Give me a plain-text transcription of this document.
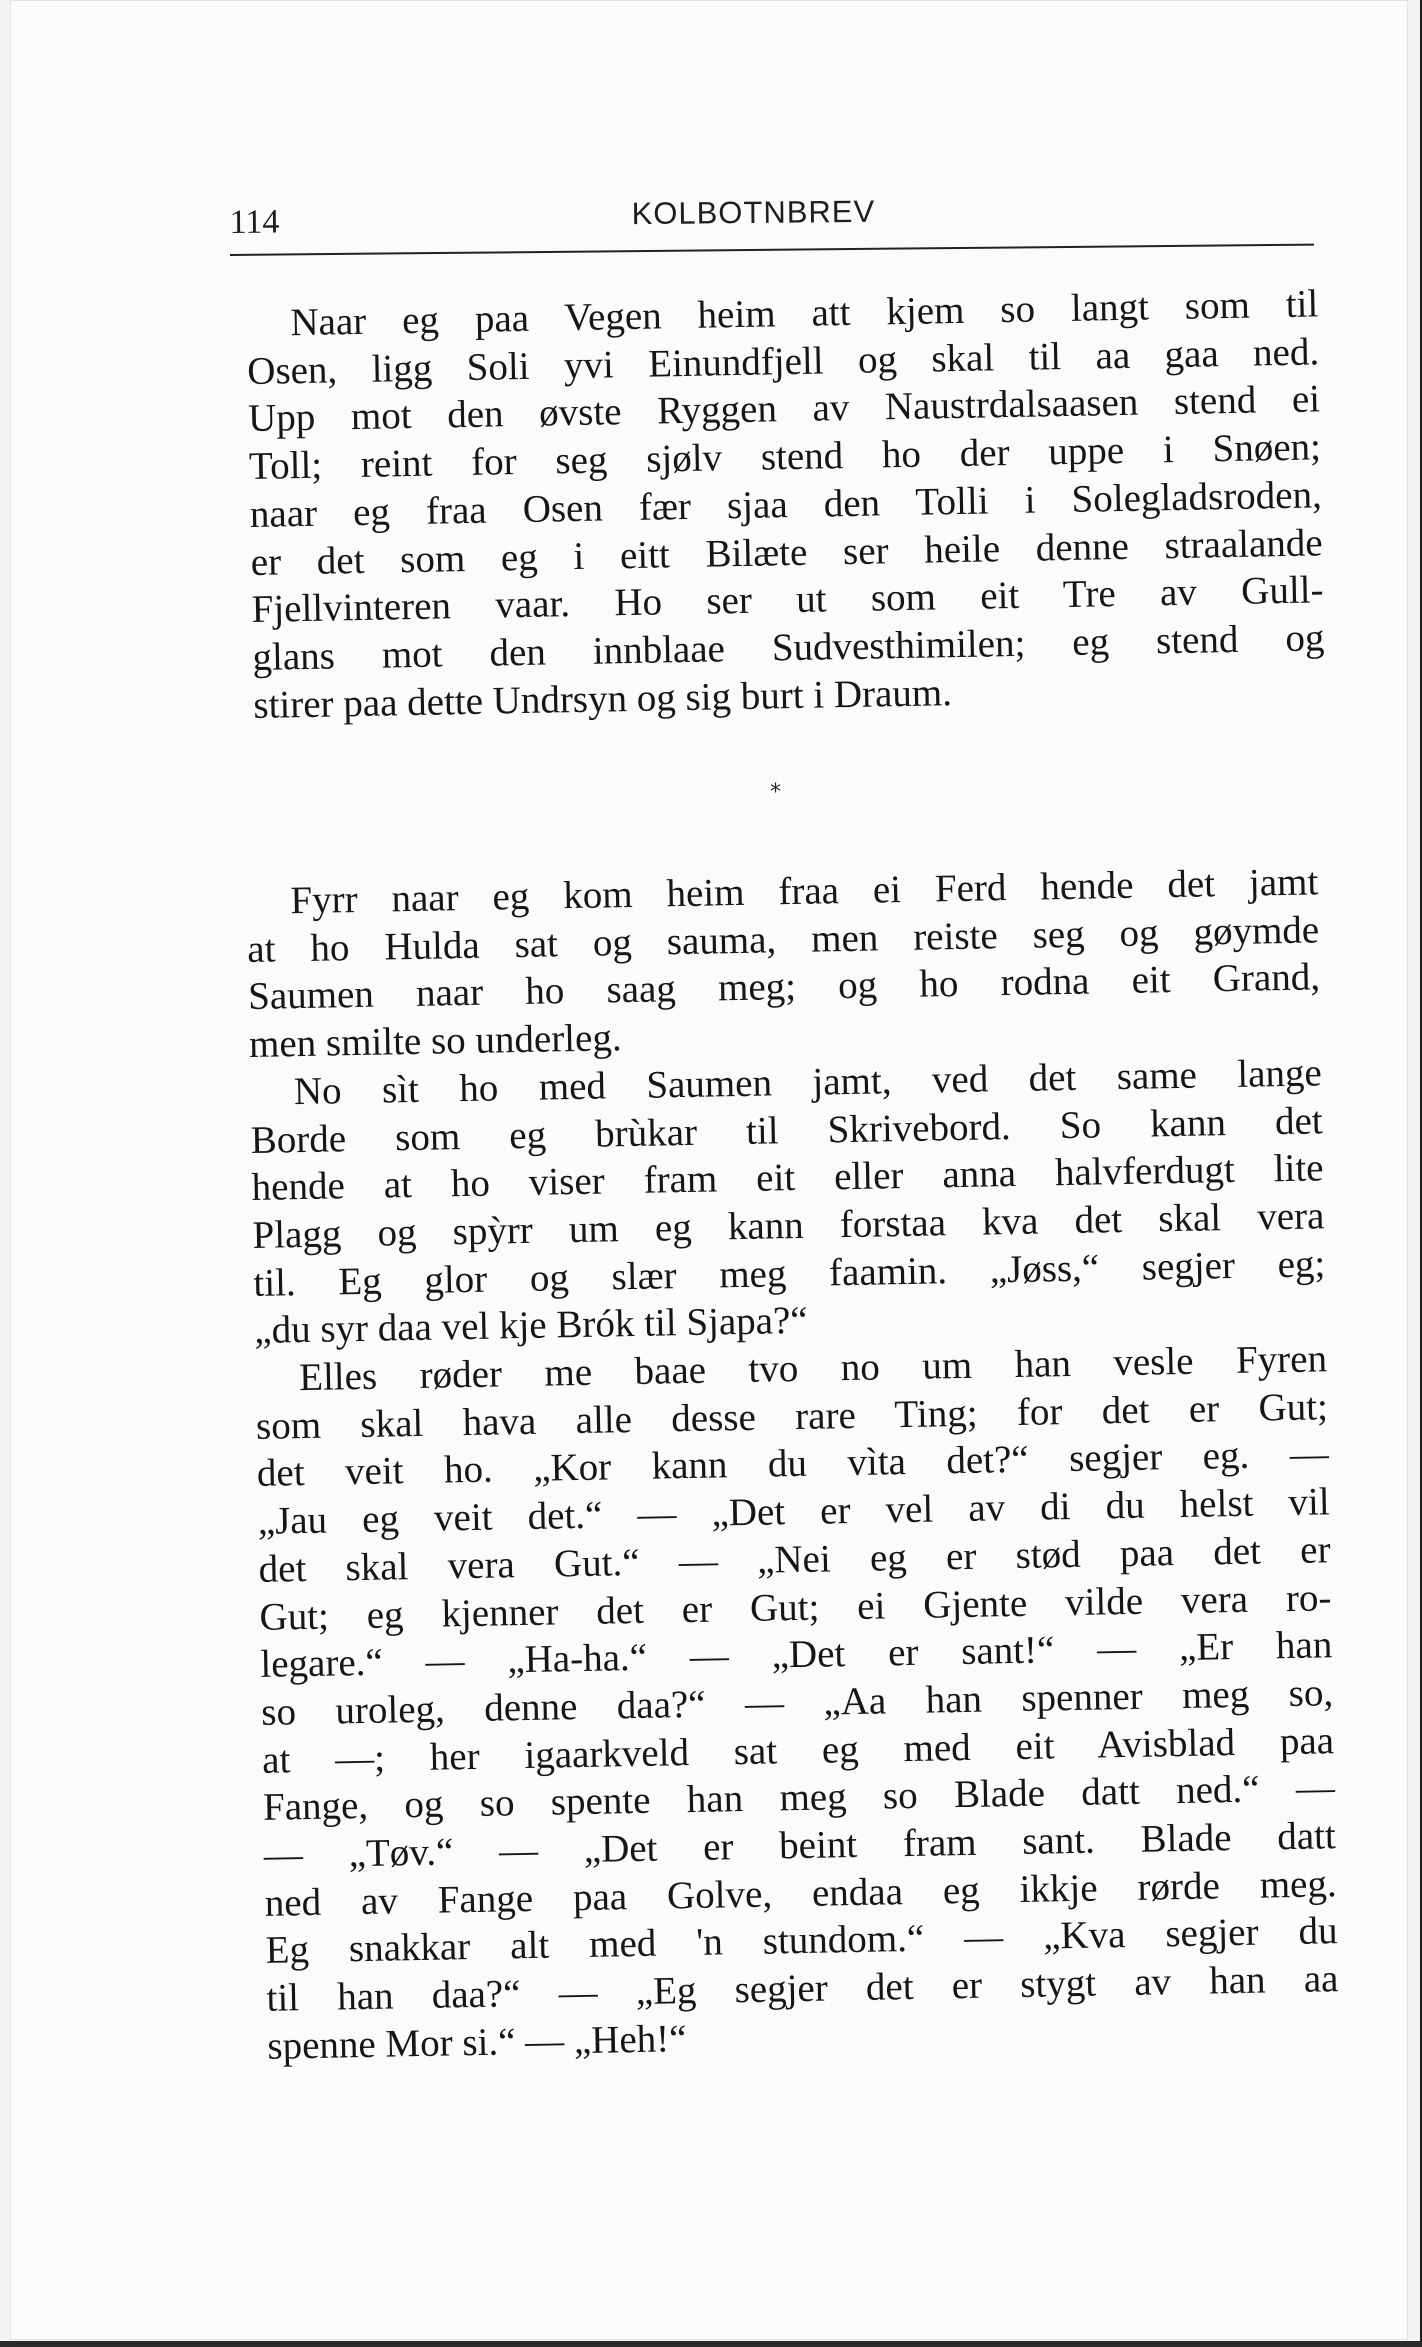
114	KOLBOTNBREV
Naar eg paa Vegen heim att kjem so langt som til
Osen, ligg Soli yvi Einundfjell og skal til aa gaa ned.
Upp mot den øvste Ryggen av Naustrdalsaasen stend ei
Toll; reint for seg sjølv stend ho der uppe i Snøen;
naar eg fraa Osen fær sjaa den Tolli i Solegladsroden,
er det som eg i eitt Bilæte ser heile denne straalande
Fjellvinteren vaar. Ho ser ut som eit Tre av Gull-
glans mot den innblaae Sudvesthimilen; eg stend og
stirer paa dette Undrsyn og sig burt i Draum.
*
Fyrr naar eg kom heim fraa ei Ferd hende det jamt
at ho Hulda sat og sauma, men reiste seg og gøymde
Saumen naar ho saag meg; og ho rodna eit Grand,
men smilte so underleg.
No sìt ho med Saumen jamt, ved det same lange
Borde som eg brùkar til Skrivebord. So kann det
hende at ho viser fram eit eller anna halvferdugt lite
Plagg og spỳrr um eg kann forstaa kva det skal vera
til. Eg glor og slær meg faamin. „Jøss,“ segjer eg;
„du syr daa vel kje Brók til Sjapa?“
Elles røder me baae tvo no um han vesle Fyren
som skal hava alle desse rare Ting; for det er Gut;
det veit ho. „Kor kann du vìta det?“ segjer eg. —
„Jau eg veit det.“ — „Det er vel av di du helst vil
det skal vera Gut.“ — „Nei eg er stød paa det er
Gut; eg kjenner det er Gut; ei Gjente vilde vera ro-
legare.“ — „Ha-ha.“ — „Det er sant!“ — „Er han
so uroleg, denne daa?“ — „Aa han spenner meg so,
at —; her igaarkveld sat eg med eit Avisblad paa
Fange, og so spente han meg so Blade datt ned.“ —
— „Tøv.“ — „Det er beint fram sant. Blade datt
ned av Fange paa Golve, endaa eg ikkje rørde meg.
Eg snakkar alt med 'n stundom.“ — „Kva segjer du
til han daa?“ — „Eg segjer det er stygt av han aa
spenne Mor si.“ — „Heh!“
